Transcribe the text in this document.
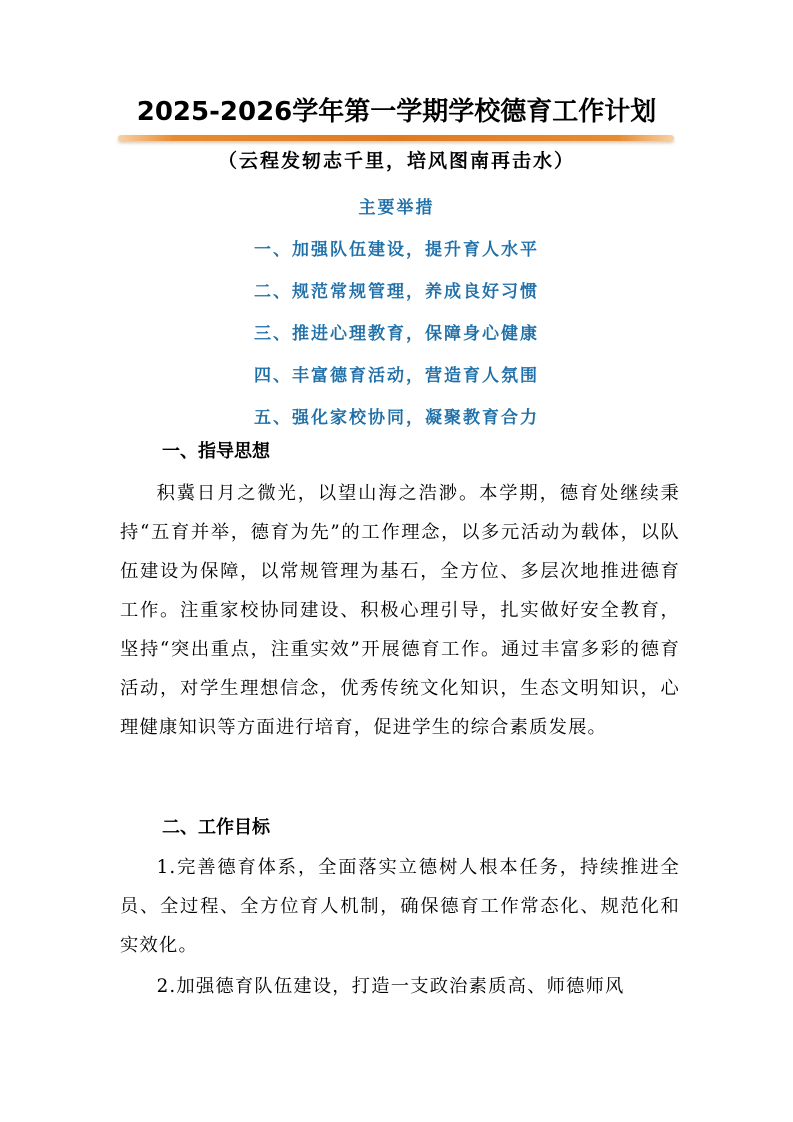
2025-2026学年第一学期学校德育工作计划
（云程发轫志千里，培风图南再击水）
主要举措
一、加强队伍建设，提升育人水平
二、规范常规管理，养成良好习惯
三、推进心理教育，保障身心健康
四、丰富德育活动，营造育人氛围
五、强化家校协同，凝聚教育合力
一、指导思想
积冀日月之微光，以望山海之浩渺。本学期，德育处继续秉持“五育并举，德育为先”的工作理念，以多元活动为载体，以队伍建设为保障，以常规管理为基石，全方位、多层次地推进德育工作。注重家校协同建设、积极心理引导，扎实做好安全教育，坚持“突出重点，注重实效”开展德育工作。通过丰富多彩的德育活动，对学生理想信念，优秀传统文化知识，生态文明知识，心理健康知识等方面进行培育，促进学生的综合素质发展。
二、工作目标
1.完善德育体系，全面落实立德树人根本任务，持续推进全员、全过程、全方位育人机制，确保德育工作常态化、规范化和实效化。
2.加强德育队伍建设，打造一支政治素质高、师德师风
